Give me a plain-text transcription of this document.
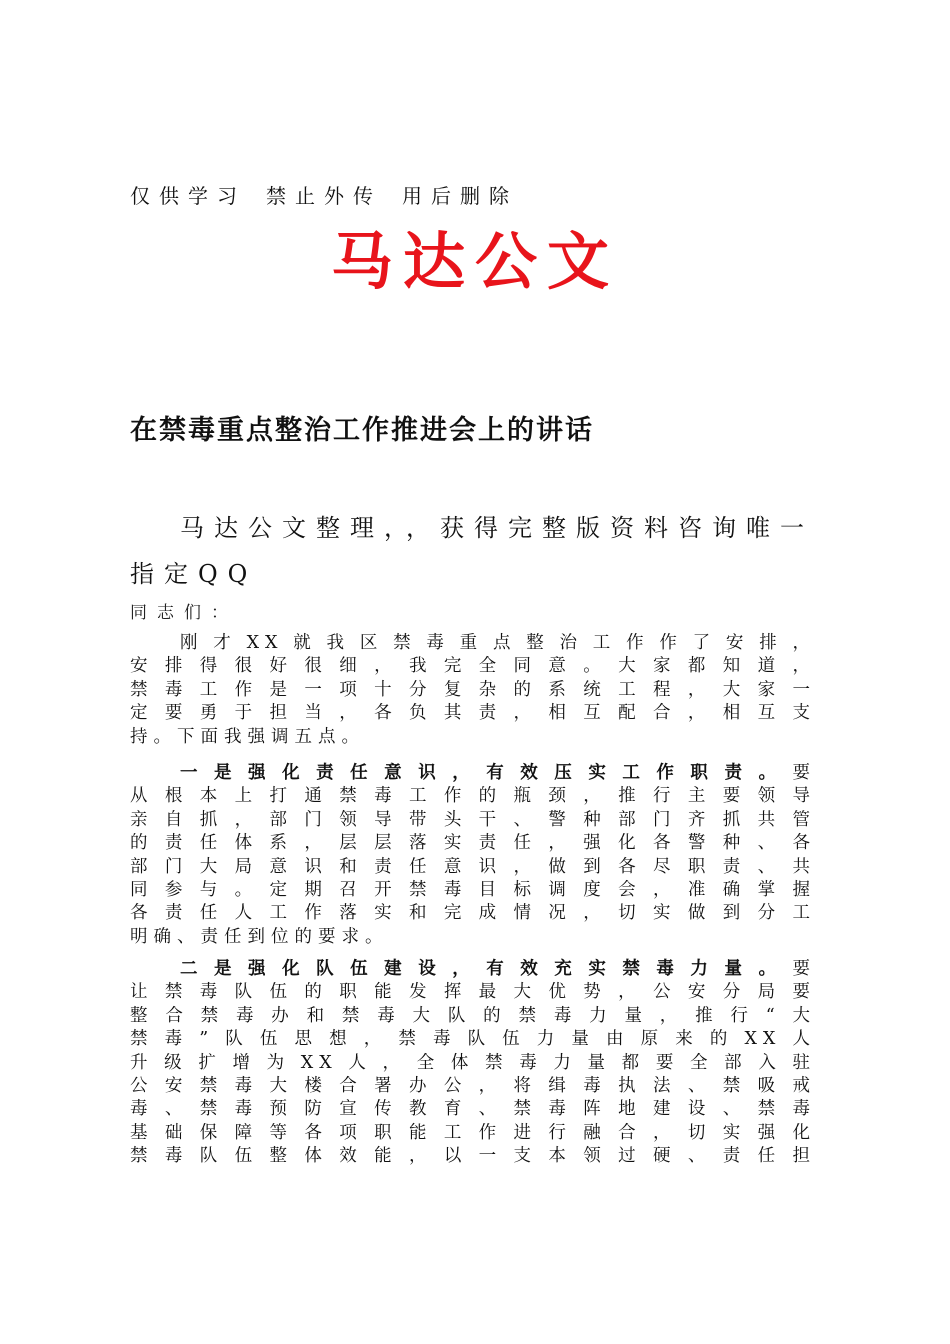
仅供学习 禁止外传 用后删除
马达公文
在禁毒重点整治工作推进会上的讲话
马达公文整理，，获得完整版资料咨询唯一
指定QQ
同志们：
刚才XX就我区禁毒重点整治工作作了安排，
安排得很好很细，我完全同意。大家都知道，
禁毒工作是一项十分复杂的系统工程，大家一
定要勇于担当，各负其责，相互配合，相互支
持。下面我强调五点。
一是强化责任意识，有效压实工作职责。要
从根本上打通禁毒工作的瓶颈，推行主要领导
亲自抓，部门领导带头干、警种部门齐抓共管
的责任体系，层层落实责任，强化各警种、各
部门大局意识和责任意识，做到各尽职责、共
同参与。定期召开禁毒目标调度会，准确掌握
各责任人工作落实和完成情况，切实做到分工
明确、责任到位的要求。
二是强化队伍建设，有效充实禁毒力量。要
让禁毒队伍的职能发挥最大优势，公安分局要
整合禁毒办和禁毒大队的禁毒力量，推行“大
禁毒”队伍思想，禁毒队伍力量由原来的XX人
升级扩增为XX人，全体禁毒力量都要全部入驻
公安禁毒大楼合署办公，将缉毒执法、禁吸戒
毒、禁毒预防宣传教育、禁毒阵地建设、禁毒
基础保障等各项职能工作进行融合，切实强化
禁毒队伍整体效能，以一支本领过硬、责任担
